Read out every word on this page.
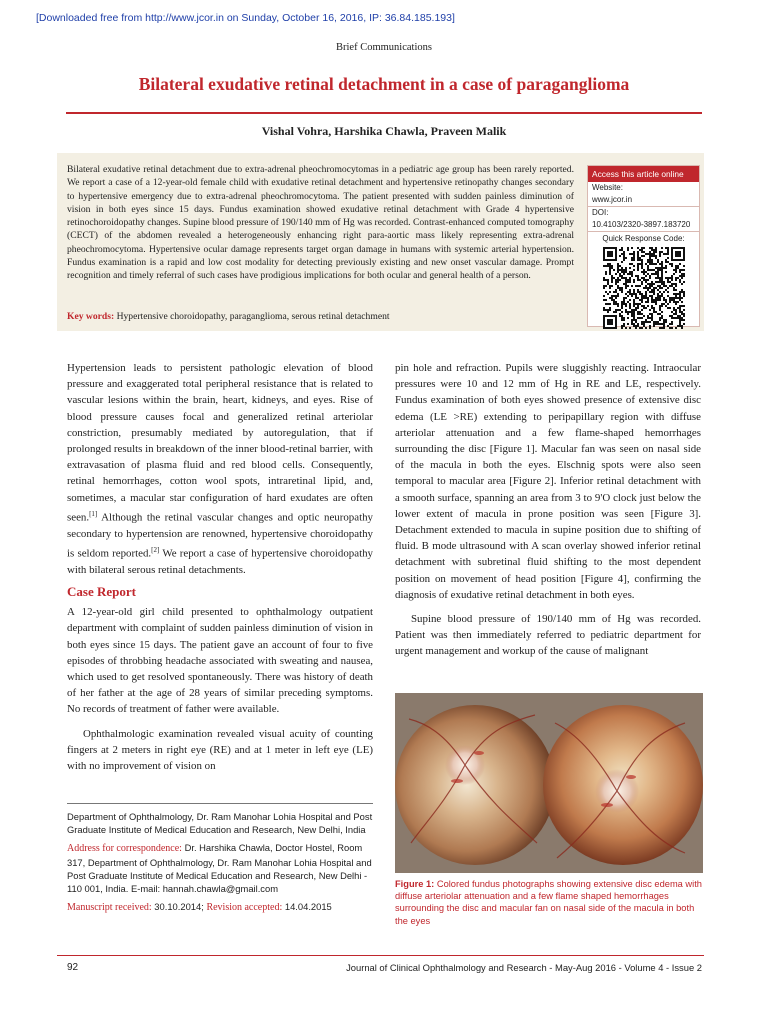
[Downloaded free from http://www.jcor.in on Sunday, October 16, 2016, IP: 36.84.185.193]
Brief Communications
Bilateral exudative retinal detachment in a case of paraganglioma
Vishal Vohra, Harshika Chawla, Praveen Malik
Bilateral exudative retinal detachment due to extra-adrenal pheochromocytomas in a pediatric age group has been rarely reported. We report a case of a 12-year-old female child with exudative retinal detachment and hypertensive retinopathy changes secondary to hypertensive emergency due to extra-adrenal pheochromocytoma. The patient presented with sudden painless diminution of vision in both eyes since 15 days. Fundus examination showed exudative retinal detachment with Grade 4 hypertensive retinochoroidopathy changes. Supine blood pressure of 190/140 mm of Hg was recorded. Contrast-enhanced computed tomography (CECT) of the abdomen revealed a heterogeneously enhancing right para-aortic mass likely representing extra-adrenal pheochromocytoma. Hypertensive ocular damage represents target organ damage in humans with systemic arterial hypertension. Fundus examination is a rapid and low cost modality for detecting previously existing and new onset vascular damage. Prompt recognition and timely referral of such cases have prodigious implications for both ocular and general health of a person.
Key words: Hypertensive choroidopathy, paraganglioma, serous retinal detachment
Access this article online
Website:
www.jcor.in
DOI:
10.4103/2320-3897.183720
Quick Response Code:

Hypertension leads to persistent pathologic elevation of blood pressure and exaggerated total peripheral resistance that is related to vascular lesions within the brain, heart, kidneys, and eyes. Rise of blood pressure causes focal and generalized retinal arteriolar constriction, presumably mediated by autoregulation, that if prolonged results in breakdown of the inner blood-retinal barrier, with extravasation of plasma fluid and red blood cells. Consequently, retinal hemorrhages, cotton wool spots, intraretinal lipid, and, sometimes, a macular star configuration of hard exudates are often seen.[1] Although the retinal vascular changes and optic neuropathy secondary to hypertension are renowned, hypertensive choroidopathy is seldom reported.[2] We report a case of hypertensive choroidopathy with bilateral serous retinal detachments.

Case Report

A 12-year-old girl child presented to ophthalmology outpatient department with complaint of sudden painless diminution of vision in both eyes since 15 days. The patient gave an account of four to five episodes of throbbing headache associated with sweating and nausea, which used to get resolved spontaneously. There was history of death of her father at the age of 28 years of similar preceding symptoms. No records of treatment of father were available.

Ophthalmologic examination revealed visual acuity of counting fingers at 2 meters in right eye (RE) and at 1 meter in left eye (LE) with no improvement of vision on

pin hole and refraction. Pupils were sluggishly reacting. Intraocular pressures were 10 and 12 mm of Hg in RE and LE, respectively. Fundus examination of both eyes showed presence of extensive disc edema (LE >RE) extending to peripapillary region with diffuse arteriolar attenuation and a few flame-shaped hemorrhages surrounding the disc [Figure 1]. Macular fan was seen on nasal side of the macula in both the eyes. Elschnig spots were also seen temporal to macular area [Figure 2]. Inferior retinal detachment with a smooth surface, spanning an area from 3 to 9'O clock just below the lower extent of macula in prone position was seen [Figure 3]. Detachment extended to macula in supine position due to shifting of fluid. B mode ultrasound with A scan overlay showed inferior retinal detachment with subretinal fluid shifting to the most dependent position on movement of head position [Figure 4], confirming the diagnosis of exudative retinal detachment in both eyes.

Supine blood pressure of 190/140 mm of Hg was recorded. Patient was then immediately referred to pediatric department for urgent management and workup of the cause of malignant

Department of Ophthalmology, Dr. Ram Manohar Lohia Hospital and Post Graduate Institute of Medical Education and Research, New Delhi, India

Address for correspondence: Dr. Harshika Chawla, Doctor Hostel, Room 317, Department of Ophthalmology, Dr. Ram Manohar Lohia Hospital and Post Graduate Institute of Medical Education and Research, New Delhi - 110 001, India. E-mail: hannah.chawla@gmail.com

Manuscript received: 30.10.2014; Revision accepted: 14.04.2015

Figure 1: Colored fundus photographs showing extensive disc edema with diffuse arteriolar attenuation and a few flame shaped hemorrhages surrounding the disc and macular fan on nasal side of the macula in both the eyes
92	Journal of Clinical Ophthalmology and Research - May-Aug 2016 - Volume 4 - Issue 2
